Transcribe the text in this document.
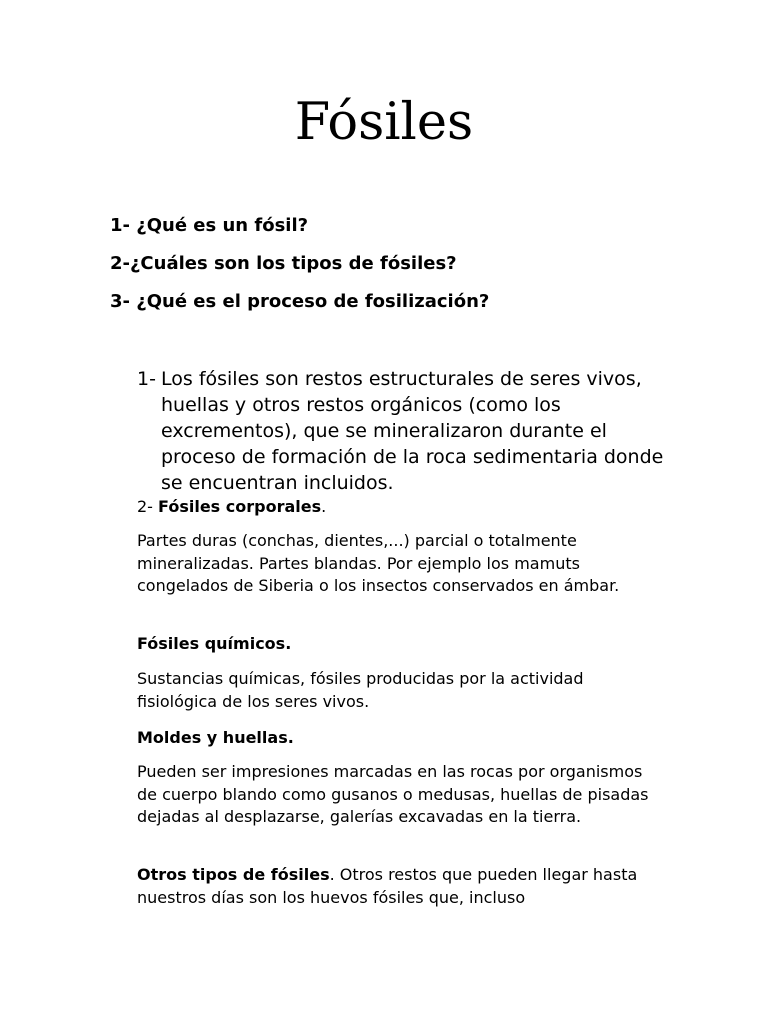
Fósiles
1- ¿Qué es un fósil?
2-¿Cuáles son los tipos de fósiles?
3- ¿Qué es el proceso de fosilización?
1- Los fósiles son restos estructurales de seres vivos, huellas y otros restos orgánicos (como los excrementos), que se mineralizaron durante el proceso de formación de la roca sedimentaria donde se encuentran incluidos.
2- Fósiles corporales.
Partes duras (conchas, dientes,...) parcial o totalmente mineralizadas. Partes blandas. Por ejemplo los mamuts congelados de Siberia o los insectos conservados en ámbar.
Fósiles químicos.
Sustancias químicas, fósiles producidas por la actividad fisiológica de los seres vivos.
Moldes y huellas.
Pueden ser impresiones marcadas en las rocas por organismos de cuerpo blando como gusanos o medusas, huellas de pisadas dejadas al desplazarse, galerías excavadas en la tierra.
Otros tipos de fósiles. Otros restos que pueden llegar hasta nuestros días son los huevos fósiles que, incluso
